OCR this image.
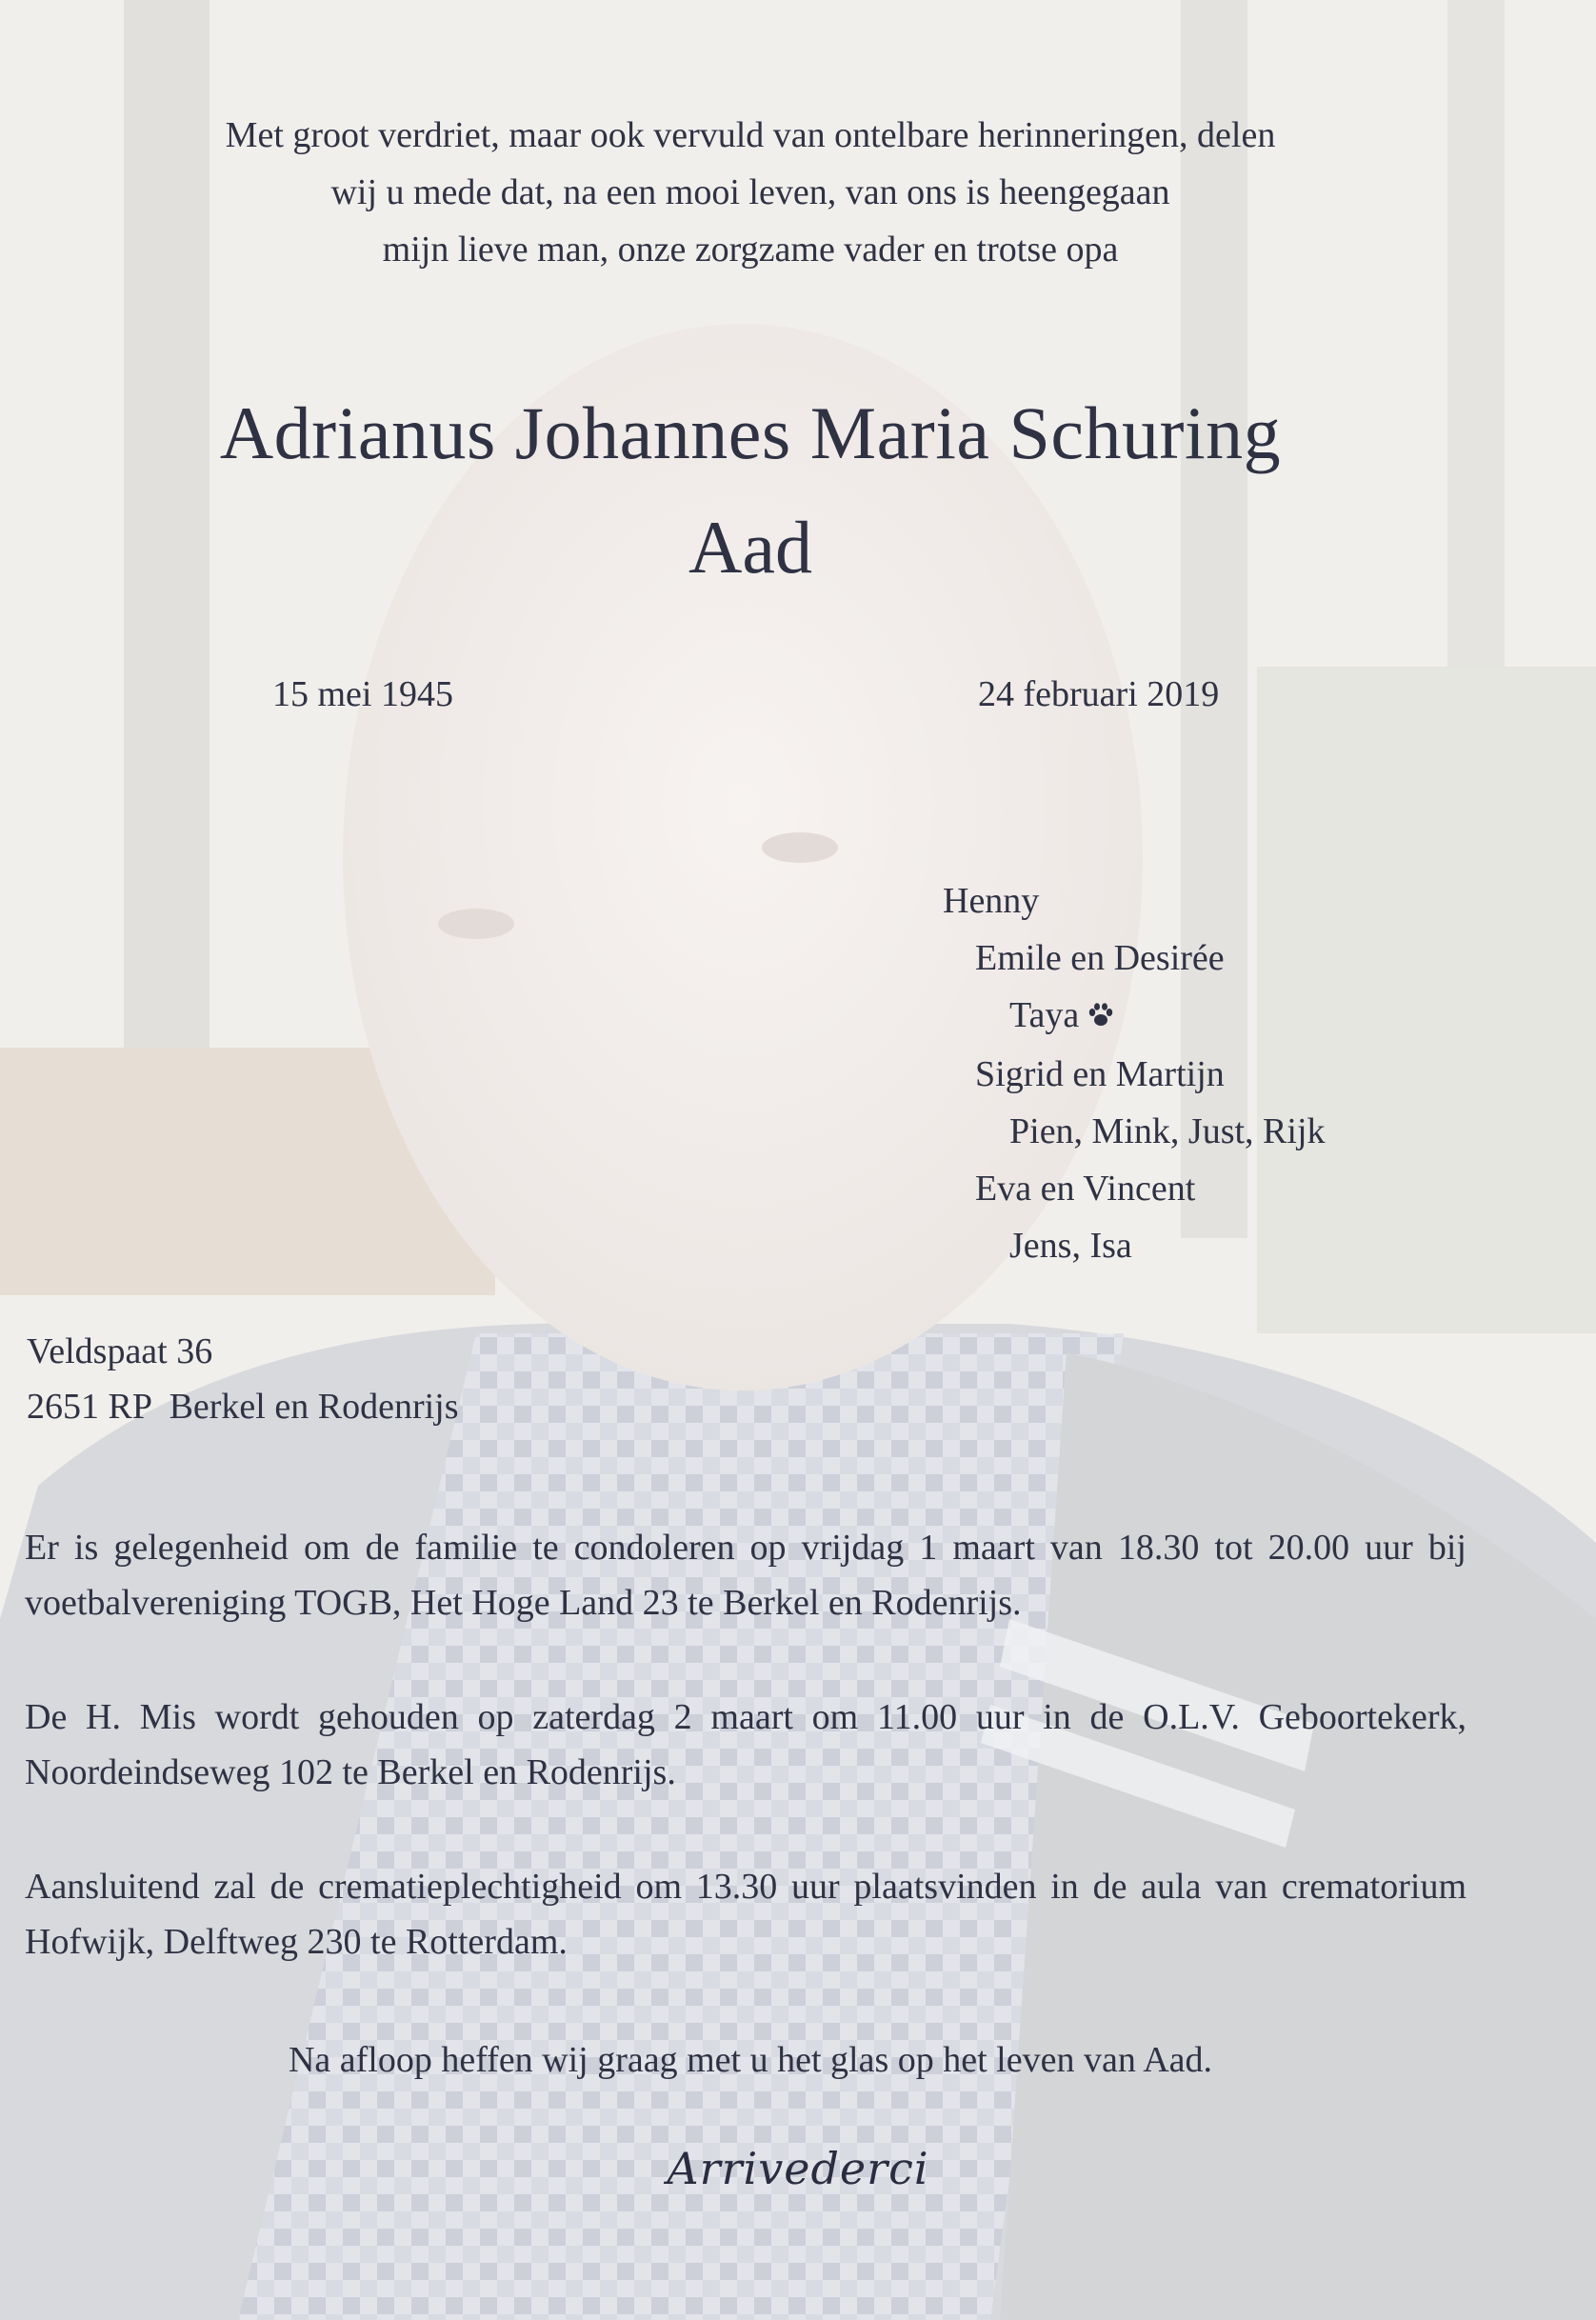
Met groot verdriet, maar ook vervuld van ontelbare herinneringen, delen
wij u mede dat, na een mooi leven, van ons is heengegaan
mijn lieve man, onze zorgzame vader en trotse opa
Adrianus Johannes Maria Schuring
Aad
15 mei 1945	24 februari 2019
Henny
Emile en Desirée
Taya
Sigrid en Martijn
Pien, Mink, Just, Rijk
Eva en Vincent
Jens, Isa
Veldspaat 36
2651 RP  Berkel en Rodenrijs
Er is gelegenheid om de familie te condoleren op vrijdag 1 maart van 18.30 tot 20.00 uur bij voetbalvereniging TOGB, Het Hoge Land 23 te Berkel en Rodenrijs.
De H. Mis wordt gehouden op zaterdag 2 maart om 11.00 uur in de O.L.V. Geboortekerk, Noordeindseweg 102 te Berkel en Rodenrijs.
Aansluitend zal de crematieplechtigheid om 13.30 uur plaatsvinden in de aula van crematorium Hofwijk, Delftweg 230 te Rotterdam.
Na afloop heffen wij graag met u het glas op het leven van Aad.
Arrivederci
